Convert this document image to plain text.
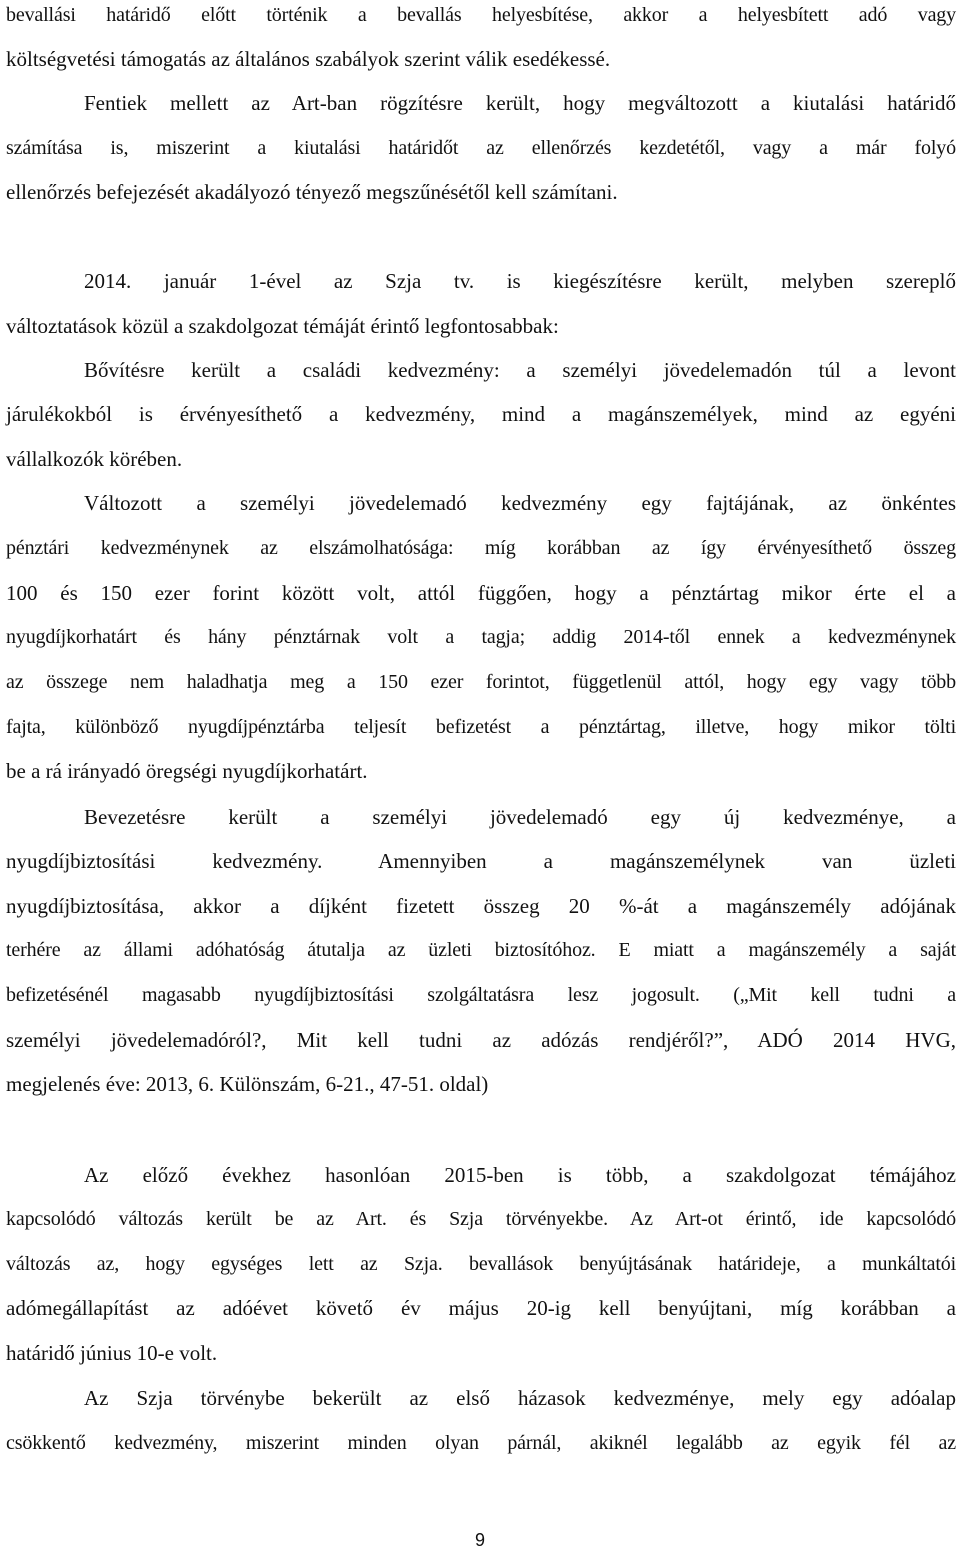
bevallási határidő előtt történik a bevallás helyesbítése, akkor a helyesbített adó vagy
költségvetési támogatás az általános szabályok szerint válik esedékessé.
Fentiek mellett az Art-ban rögzítésre került, hogy megváltozott a kiutalási határidő
számítása is, miszerint a kiutalási határidőt az ellenőrzés kezdetétől, vagy a már folyó
ellenőrzés befejezését akadályozó tényező megszűnésétől kell számítani.
2014. január 1-ével az Szja tv. is kiegészítésre került, melyben szereplő
változtatások közül a szakdolgozat témáját érintő legfontosabbak:
Bővítésre került a családi kedvezmény: a személyi jövedelemadón túl a levont
járulékokból is érvényesíthető a kedvezmény, mind a magánszemélyek, mind az egyéni
vállalkozók körében.
Változott a személyi jövedelemadó kedvezmény egy fajtájának, az önkéntes
pénztári kedvezménynek az elszámolhatósága: míg korábban az így érvényesíthető összeg
100 és 150 ezer forint között volt, attól függően, hogy a pénztártag mikor érte el a
nyugdíjkorhatárt és hány pénztárnak volt a tagja; addig 2014-től ennek a kedvezménynek
az összege nem haladhatja meg a 150 ezer forintot, függetlenül attól, hogy egy vagy több
fajta, különböző nyugdíjpénztárba teljesít befizetést a pénztártag, illetve, hogy mikor tölti
be a rá irányadó öregségi nyugdíjkorhatárt.
Bevezetésre került a személyi jövedelemadó egy új kedvezménye, a
nyugdíjbiztosítási kedvezmény. Amennyiben a magánszemélynek van üzleti
nyugdíjbiztosítása, akkor a díjként fizetett összeg 20 %-át a magánszemély adójának
terhére az állami adóhatóság átutalja az üzleti biztosítóhoz. E miatt a magánszemély a saját
befizetésénél magasabb nyugdíjbiztosítási szolgáltatásra lesz jogosult. („Mit kell tudni a
személyi jövedelemadóról?, Mit kell tudni az adózás rendjéről?”, ADÓ 2014 HVG,
megjelenés éve: 2013, 6. Különszám, 6-21., 47-51. oldal)
Az előző évekhez hasonlóan 2015-ben is több, a szakdolgozat témájához
kapcsolódó változás került be az Art. és Szja törvényekbe. Az Art-ot érintő, ide kapcsolódó
változás az, hogy egységes lett az Szja. bevallások benyújtásának határideje, a munkáltatói
adómegállapítást az adóévet követő év május 20-ig kell benyújtani, míg korábban a
határidő június 10-e volt.
Az Szja törvénybe bekerült az első házasok kedvezménye, mely egy adóalap
csökkentő kedvezmény, miszerint minden olyan párnál, akiknél legalább az egyik fél az
9
